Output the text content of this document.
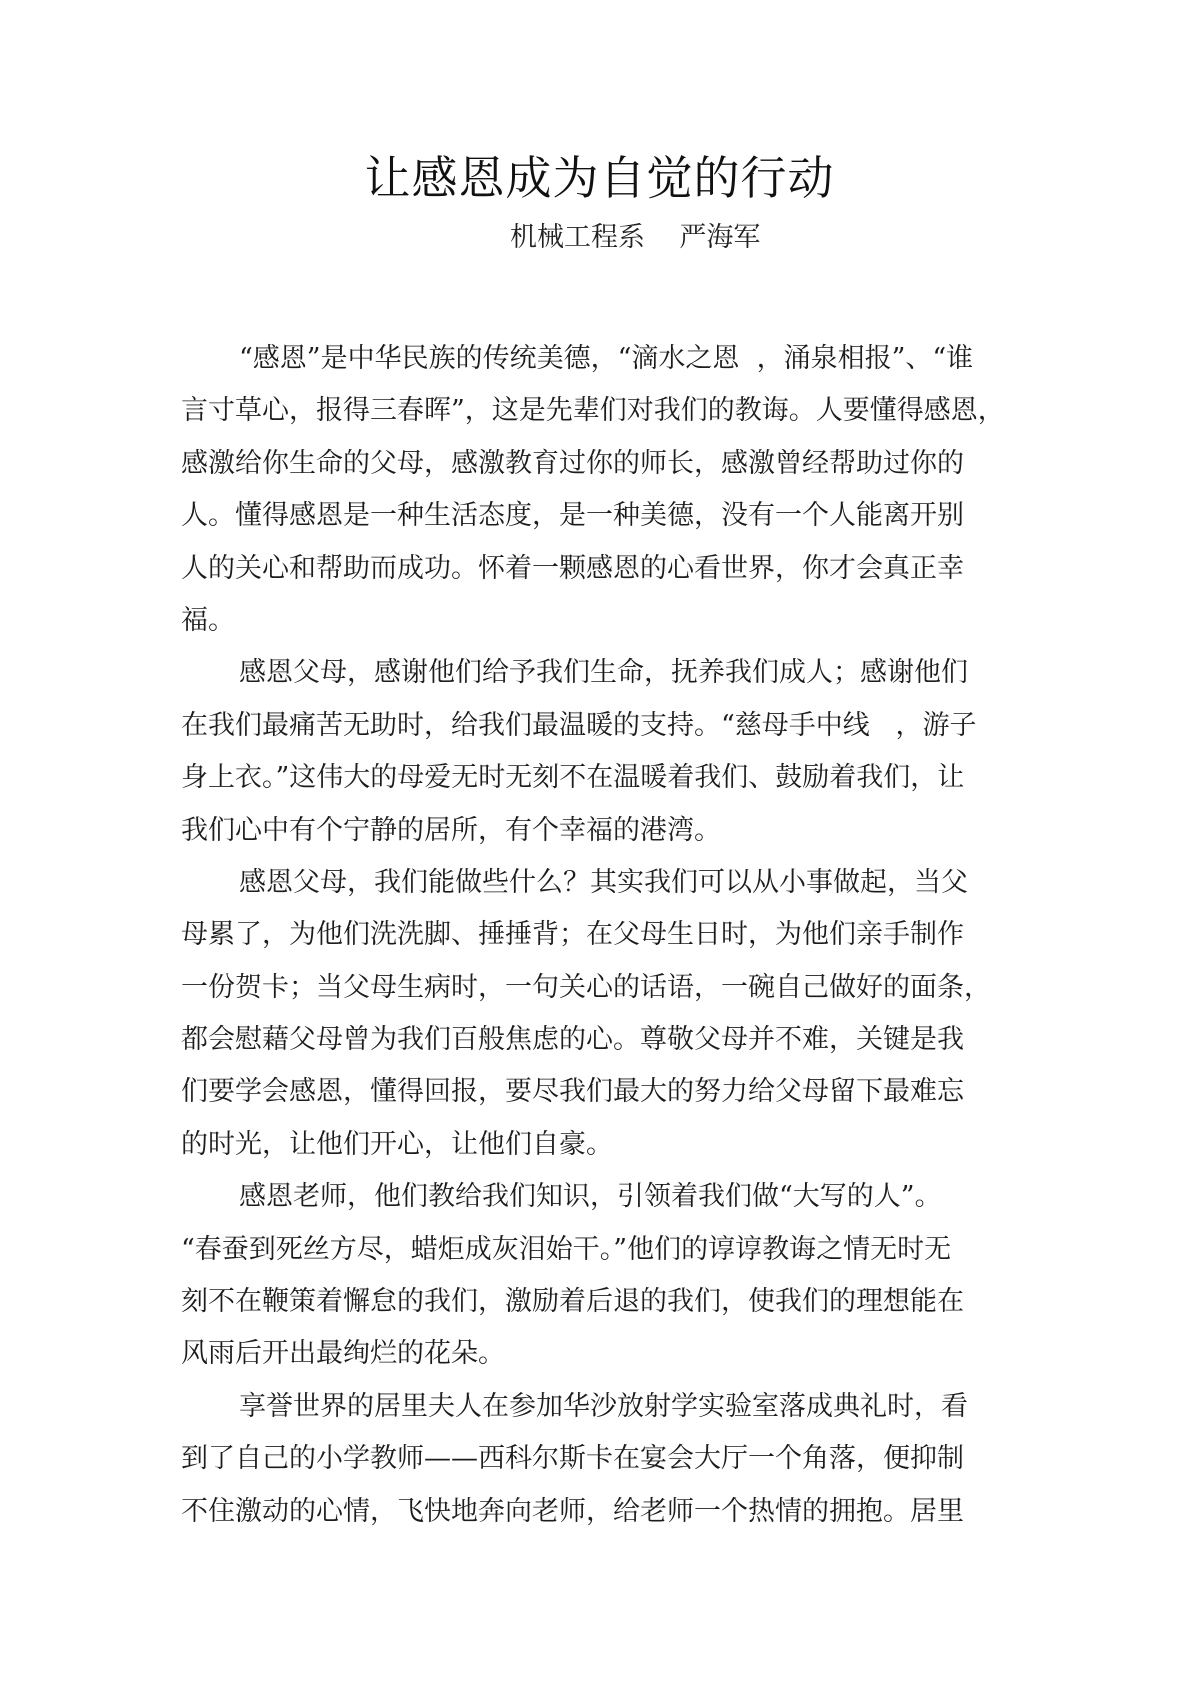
让感恩成为自觉的行动
机械工程系    严海军
“感恩”是中华民族的传统美德，“滴水之恩  ，涌泉相报”、“谁
言寸草心，报得三春晖”，这是先辈们对我们的教诲。人要懂得感恩，
感激给你生命的父母，感激教育过你的师长，感激曾经帮助过你的
人。懂得感恩是一种生活态度，是一种美德，没有一个人能离开别
人的关心和帮助而成功。怀着一颗感恩的心看世界，你才会真正幸
福。
感恩父母，感谢他们给予我们生命，抚养我们成人；感谢他们
在我们最痛苦无助时，给我们最温暖的支持。“慈母手中线   ，游子
身上衣。”这伟大的母爱无时无刻不在温暖着我们、鼓励着我们，让
我们心中有个宁静的居所，有个幸福的港湾。
感恩父母，我们能做些什么？其实我们可以从小事做起，当父
母累了，为他们洗洗脚、捶捶背；在父母生日时，为他们亲手制作
一份贺卡；当父母生病时，一句关心的话语，一碗自己做好的面条，
都会慰藉父母曾为我们百般焦虑的心。尊敬父母并不难，关键是我
们要学会感恩，懂得回报，要尽我们最大的努力给父母留下最难忘
的时光，让他们开心，让他们自豪。
感恩老师，他们教给我们知识，引领着我们做“大写的人”。
“春蚕到死丝方尽，蜡炬成灰泪始干。”他们的谆谆教诲之情无时无
刻不在鞭策着懈怠的我们，激励着后退的我们，使我们的理想能在
风雨后开出最绚烂的花朵。
享誉世界的居里夫人在参加华沙放射学实验室落成典礼时，看
到了自己的小学教师——西科尔斯卡在宴会大厅一个角落，便抑制
不住激动的心情，飞快地奔向老师，给老师一个热情的拥抱。居里
